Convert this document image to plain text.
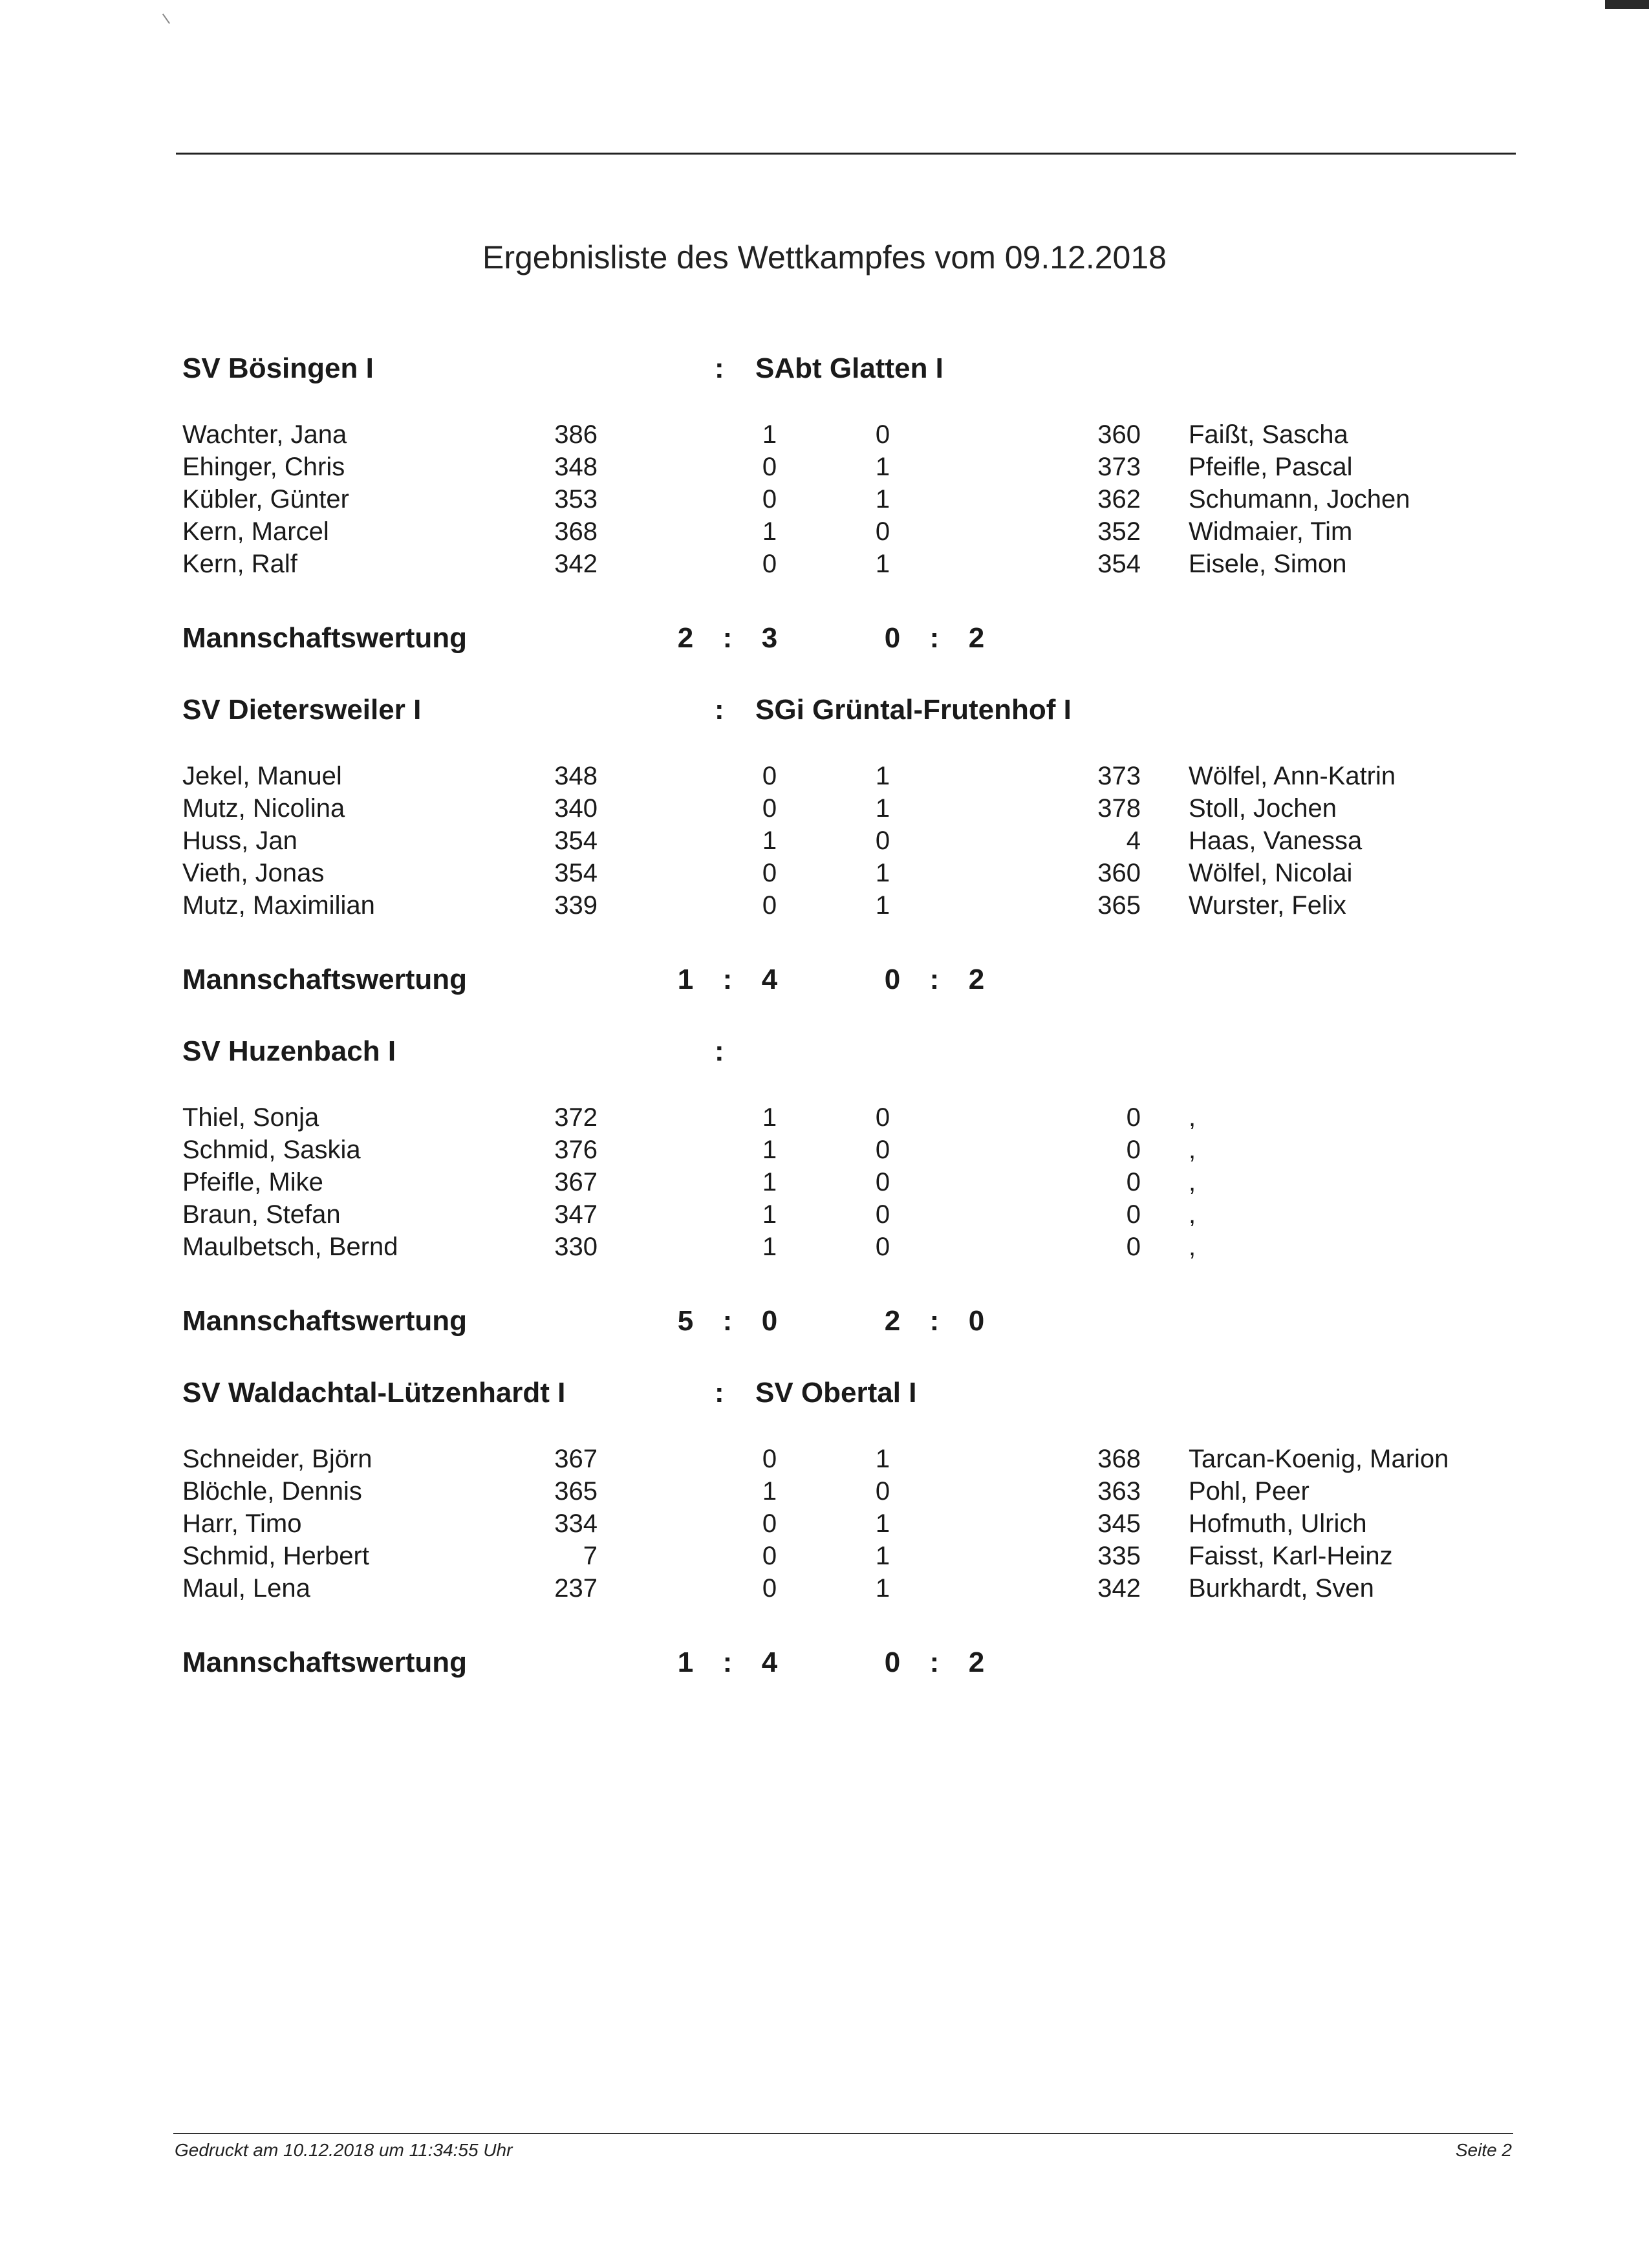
Ergebnisliste des Wettkampfes vom 09.12.2018
SV Bösingen I	: SAbt Glatten I
Wachter, Jana	386	1	0	360 Faißt, Sascha
Ehinger, Chris	348	0	1	373 Pfeifle, Pascal
Kübler, Günter	353	0	1	362 Schumann, Jochen
Kern, Marcel	368	1	0	352 Widmaier, Tim
Kern, Ralf	342	0	1	354 Eisele, Simon
Mannschaftswertung	2 : 3	0 : 2
SV Dietersweiler I	: SGi Grüntal-Frutenhof I
Jekel, Manuel	348	0	1	373 Wölfel, Ann-Katrin
Mutz, Nicolina	340	0	1	378 Stoll, Jochen
Huss, Jan	354	1	0	4 Haas, Vanessa
Vieth, Jonas	354	0	1	360 Wölfel, Nicolai
Mutz, Maximilian	339	0	1	365 Wurster, Felix
Mannschaftswertung	1 : 4	0 : 2
SV Huzenbach I	:
Thiel, Sonja	372	1	0	0 ,
Schmid, Saskia	376	1	0	0 ,
Pfeifle, Mike	367	1	0	0 ,
Braun, Stefan	347	1	0	0 ,
Maulbetsch, Bernd	330	1	0	0 ,
Mannschaftswertung	5 : 0	2 : 0
SV Waldachtal-Lützenhardt I	: SV Obertal I
Schneider, Björn	367	0	1	368 Tarcan-Koenig, Marion
Blöchle, Dennis	365	1	0	363 Pohl, Peer
Harr, Timo	334	0	1	345 Hofmuth, Ulrich
Schmid, Herbert	7	0	1	335 Faisst, Karl-Heinz
Maul, Lena	237	0	1	342 Burkhardt, Sven
Mannschaftswertung	1 : 4	0 : 2
Gedruckt am 10.12.2018 um 11:34:55 Uhr	Seite 2
